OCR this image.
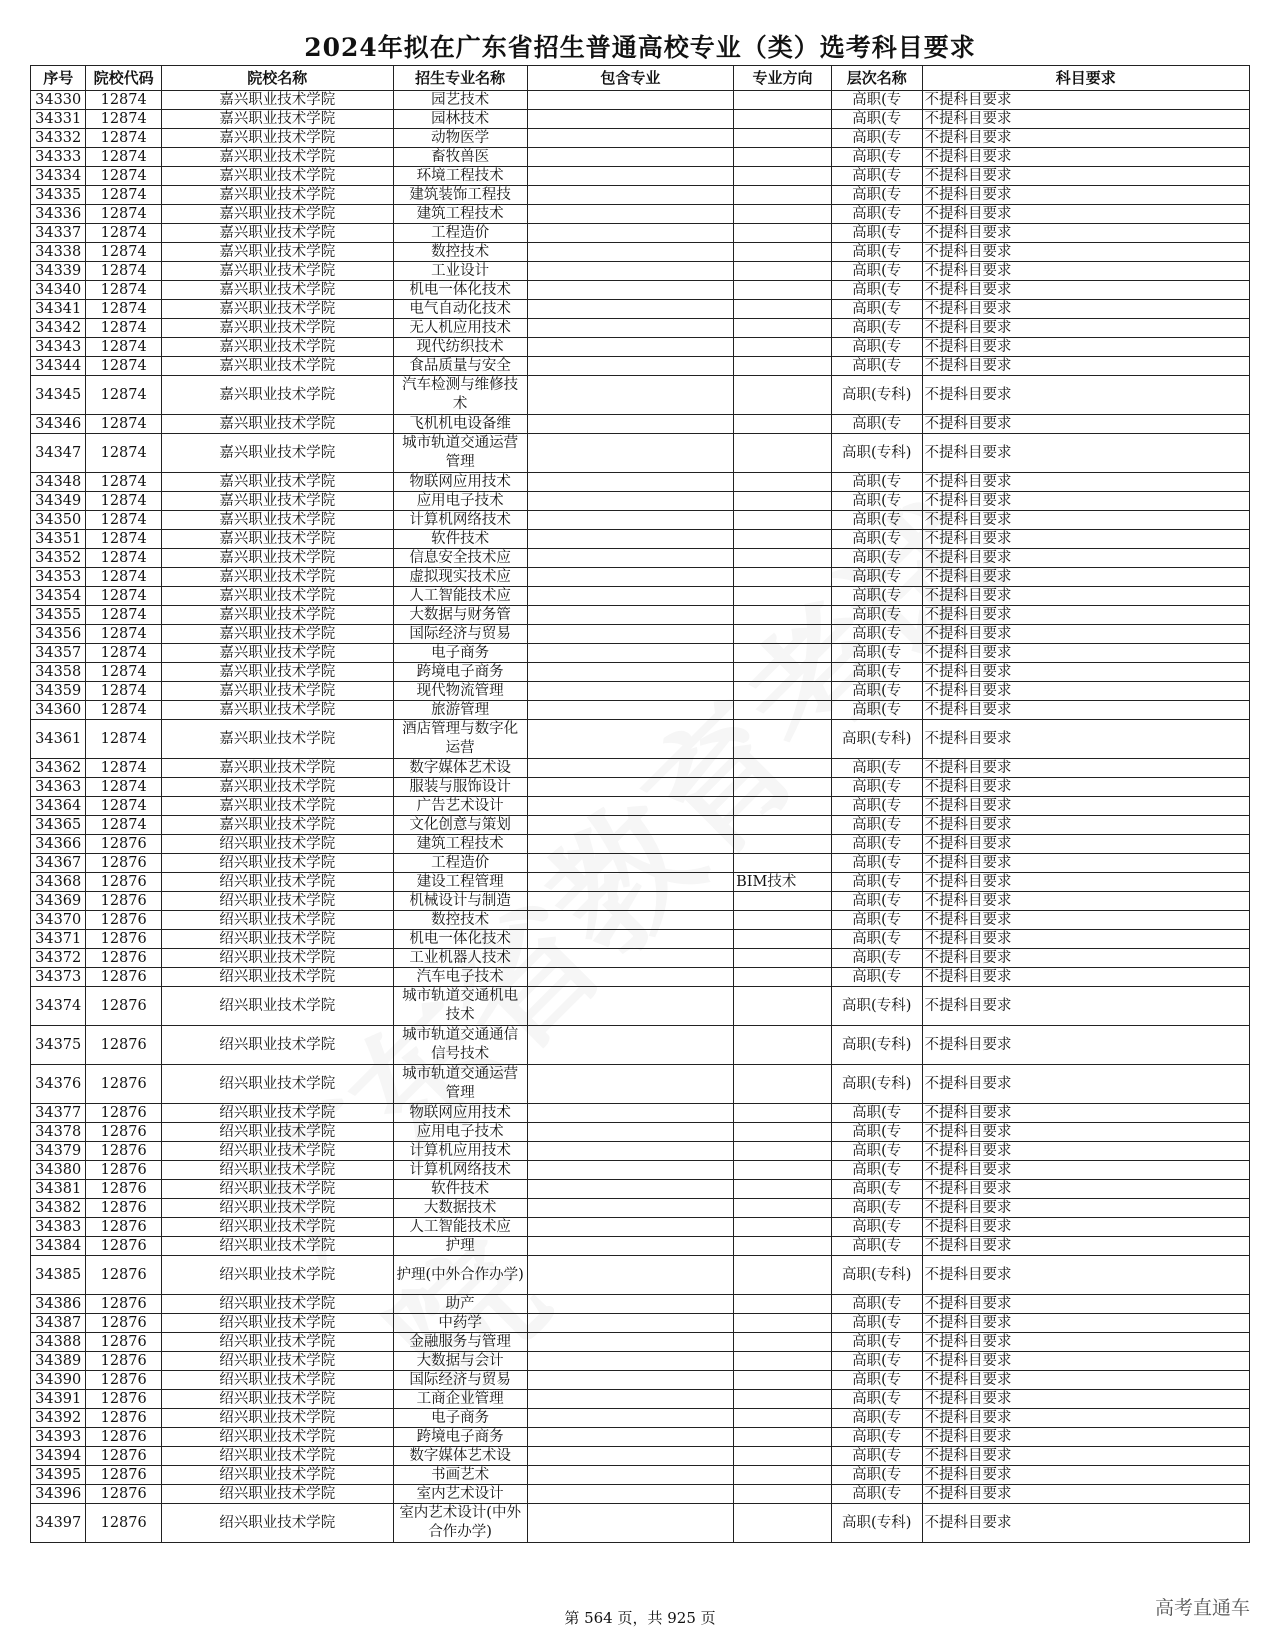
2024年拟在广东省招生普通高校专业（类）选考科目要求
序号	院校代码	院校名称	招生专业名称	包含专业	专业方向	层次名称	科目要求
34330	12874	嘉兴职业技术学院	园艺技术			高职(专	不提科目要求
34331	12874	嘉兴职业技术学院	园林技术			高职(专	不提科目要求
34332	12874	嘉兴职业技术学院	动物医学			高职(专	不提科目要求
34333	12874	嘉兴职业技术学院	畜牧兽医			高职(专	不提科目要求
34334	12874	嘉兴职业技术学院	环境工程技术			高职(专	不提科目要求
34335	12874	嘉兴职业技术学院	建筑装饰工程技			高职(专	不提科目要求
34336	12874	嘉兴职业技术学院	建筑工程技术			高职(专	不提科目要求
34337	12874	嘉兴职业技术学院	工程造价			高职(专	不提科目要求
34338	12874	嘉兴职业技术学院	数控技术			高职(专	不提科目要求
34339	12874	嘉兴职业技术学院	工业设计			高职(专	不提科目要求
34340	12874	嘉兴职业技术学院	机电一体化技术			高职(专	不提科目要求
34341	12874	嘉兴职业技术学院	电气自动化技术			高职(专	不提科目要求
34342	12874	嘉兴职业技术学院	无人机应用技术			高职(专	不提科目要求
34343	12874	嘉兴职业技术学院	现代纺织技术			高职(专	不提科目要求
34344	12874	嘉兴职业技术学院	食品质量与安全			高职(专	不提科目要求
34345	12874	嘉兴职业技术学院	汽车检测与维修技术			高职(专科)	不提科目要求
34346	12874	嘉兴职业技术学院	飞机机电设备维			高职(专	不提科目要求
34347	12874	嘉兴职业技术学院	城市轨道交通运营管理			高职(专科)	不提科目要求
34348	12874	嘉兴职业技术学院	物联网应用技术			高职(专	不提科目要求
34349	12874	嘉兴职业技术学院	应用电子技术			高职(专	不提科目要求
34350	12874	嘉兴职业技术学院	计算机网络技术			高职(专	不提科目要求
34351	12874	嘉兴职业技术学院	软件技术			高职(专	不提科目要求
34352	12874	嘉兴职业技术学院	信息安全技术应			高职(专	不提科目要求
34353	12874	嘉兴职业技术学院	虚拟现实技术应			高职(专	不提科目要求
34354	12874	嘉兴职业技术学院	人工智能技术应			高职(专	不提科目要求
34355	12874	嘉兴职业技术学院	大数据与财务管			高职(专	不提科目要求
34356	12874	嘉兴职业技术学院	国际经济与贸易			高职(专	不提科目要求
34357	12874	嘉兴职业技术学院	电子商务			高职(专	不提科目要求
34358	12874	嘉兴职业技术学院	跨境电子商务			高职(专	不提科目要求
34359	12874	嘉兴职业技术学院	现代物流管理			高职(专	不提科目要求
34360	12874	嘉兴职业技术学院	旅游管理			高职(专	不提科目要求
34361	12874	嘉兴职业技术学院	酒店管理与数字化运营			高职(专科)	不提科目要求
34362	12874	嘉兴职业技术学院	数字媒体艺术设			高职(专	不提科目要求
34363	12874	嘉兴职业技术学院	服装与服饰设计			高职(专	不提科目要求
34364	12874	嘉兴职业技术学院	广告艺术设计			高职(专	不提科目要求
34365	12874	嘉兴职业技术学院	文化创意与策划			高职(专	不提科目要求
34366	12876	绍兴职业技术学院	建筑工程技术			高职(专	不提科目要求
34367	12876	绍兴职业技术学院	工程造价			高职(专	不提科目要求
34368	12876	绍兴职业技术学院	建设工程管理		BIM技术	高职(专	不提科目要求
34369	12876	绍兴职业技术学院	机械设计与制造			高职(专	不提科目要求
34370	12876	绍兴职业技术学院	数控技术			高职(专	不提科目要求
34371	12876	绍兴职业技术学院	机电一体化技术			高职(专	不提科目要求
34372	12876	绍兴职业技术学院	工业机器人技术			高职(专	不提科目要求
34373	12876	绍兴职业技术学院	汽车电子技术			高职(专	不提科目要求
34374	12876	绍兴职业技术学院	城市轨道交通机电技术			高职(专科)	不提科目要求
34375	12876	绍兴职业技术学院	城市轨道交通通信信号技术			高职(专科)	不提科目要求
34376	12876	绍兴职业技术学院	城市轨道交通运营管理			高职(专科)	不提科目要求
34377	12876	绍兴职业技术学院	物联网应用技术			高职(专	不提科目要求
34378	12876	绍兴职业技术学院	应用电子技术			高职(专	不提科目要求
34379	12876	绍兴职业技术学院	计算机应用技术			高职(专	不提科目要求
34380	12876	绍兴职业技术学院	计算机网络技术			高职(专	不提科目要求
34381	12876	绍兴职业技术学院	软件技术			高职(专	不提科目要求
34382	12876	绍兴职业技术学院	大数据技术			高职(专	不提科目要求
34383	12876	绍兴职业技术学院	人工智能技术应			高职(专	不提科目要求
34384	12876	绍兴职业技术学院	护理			高职(专	不提科目要求
34385	12876	绍兴职业技术学院	护理(中外合作办学)			高职(专科)	不提科目要求
34386	12876	绍兴职业技术学院	助产			高职(专	不提科目要求
34387	12876	绍兴职业技术学院	中药学			高职(专	不提科目要求
34388	12876	绍兴职业技术学院	金融服务与管理			高职(专	不提科目要求
34389	12876	绍兴职业技术学院	大数据与会计			高职(专	不提科目要求
34390	12876	绍兴职业技术学院	国际经济与贸易			高职(专	不提科目要求
34391	12876	绍兴职业技术学院	工商企业管理			高职(专	不提科目要求
34392	12876	绍兴职业技术学院	电子商务			高职(专	不提科目要求
34393	12876	绍兴职业技术学院	跨境电子商务			高职(专	不提科目要求
34394	12876	绍兴职业技术学院	数字媒体艺术设			高职(专	不提科目要求
34395	12876	绍兴职业技术学院	书画艺术			高职(专	不提科目要求
34396	12876	绍兴职业技术学院	室内艺术设计			高职(专	不提科目要求
34397	12876	绍兴职业技术学院	室内艺术设计(中外合作办学)			高职(专科)	不提科目要求
第 564 页，共 925 页	高考直通车
